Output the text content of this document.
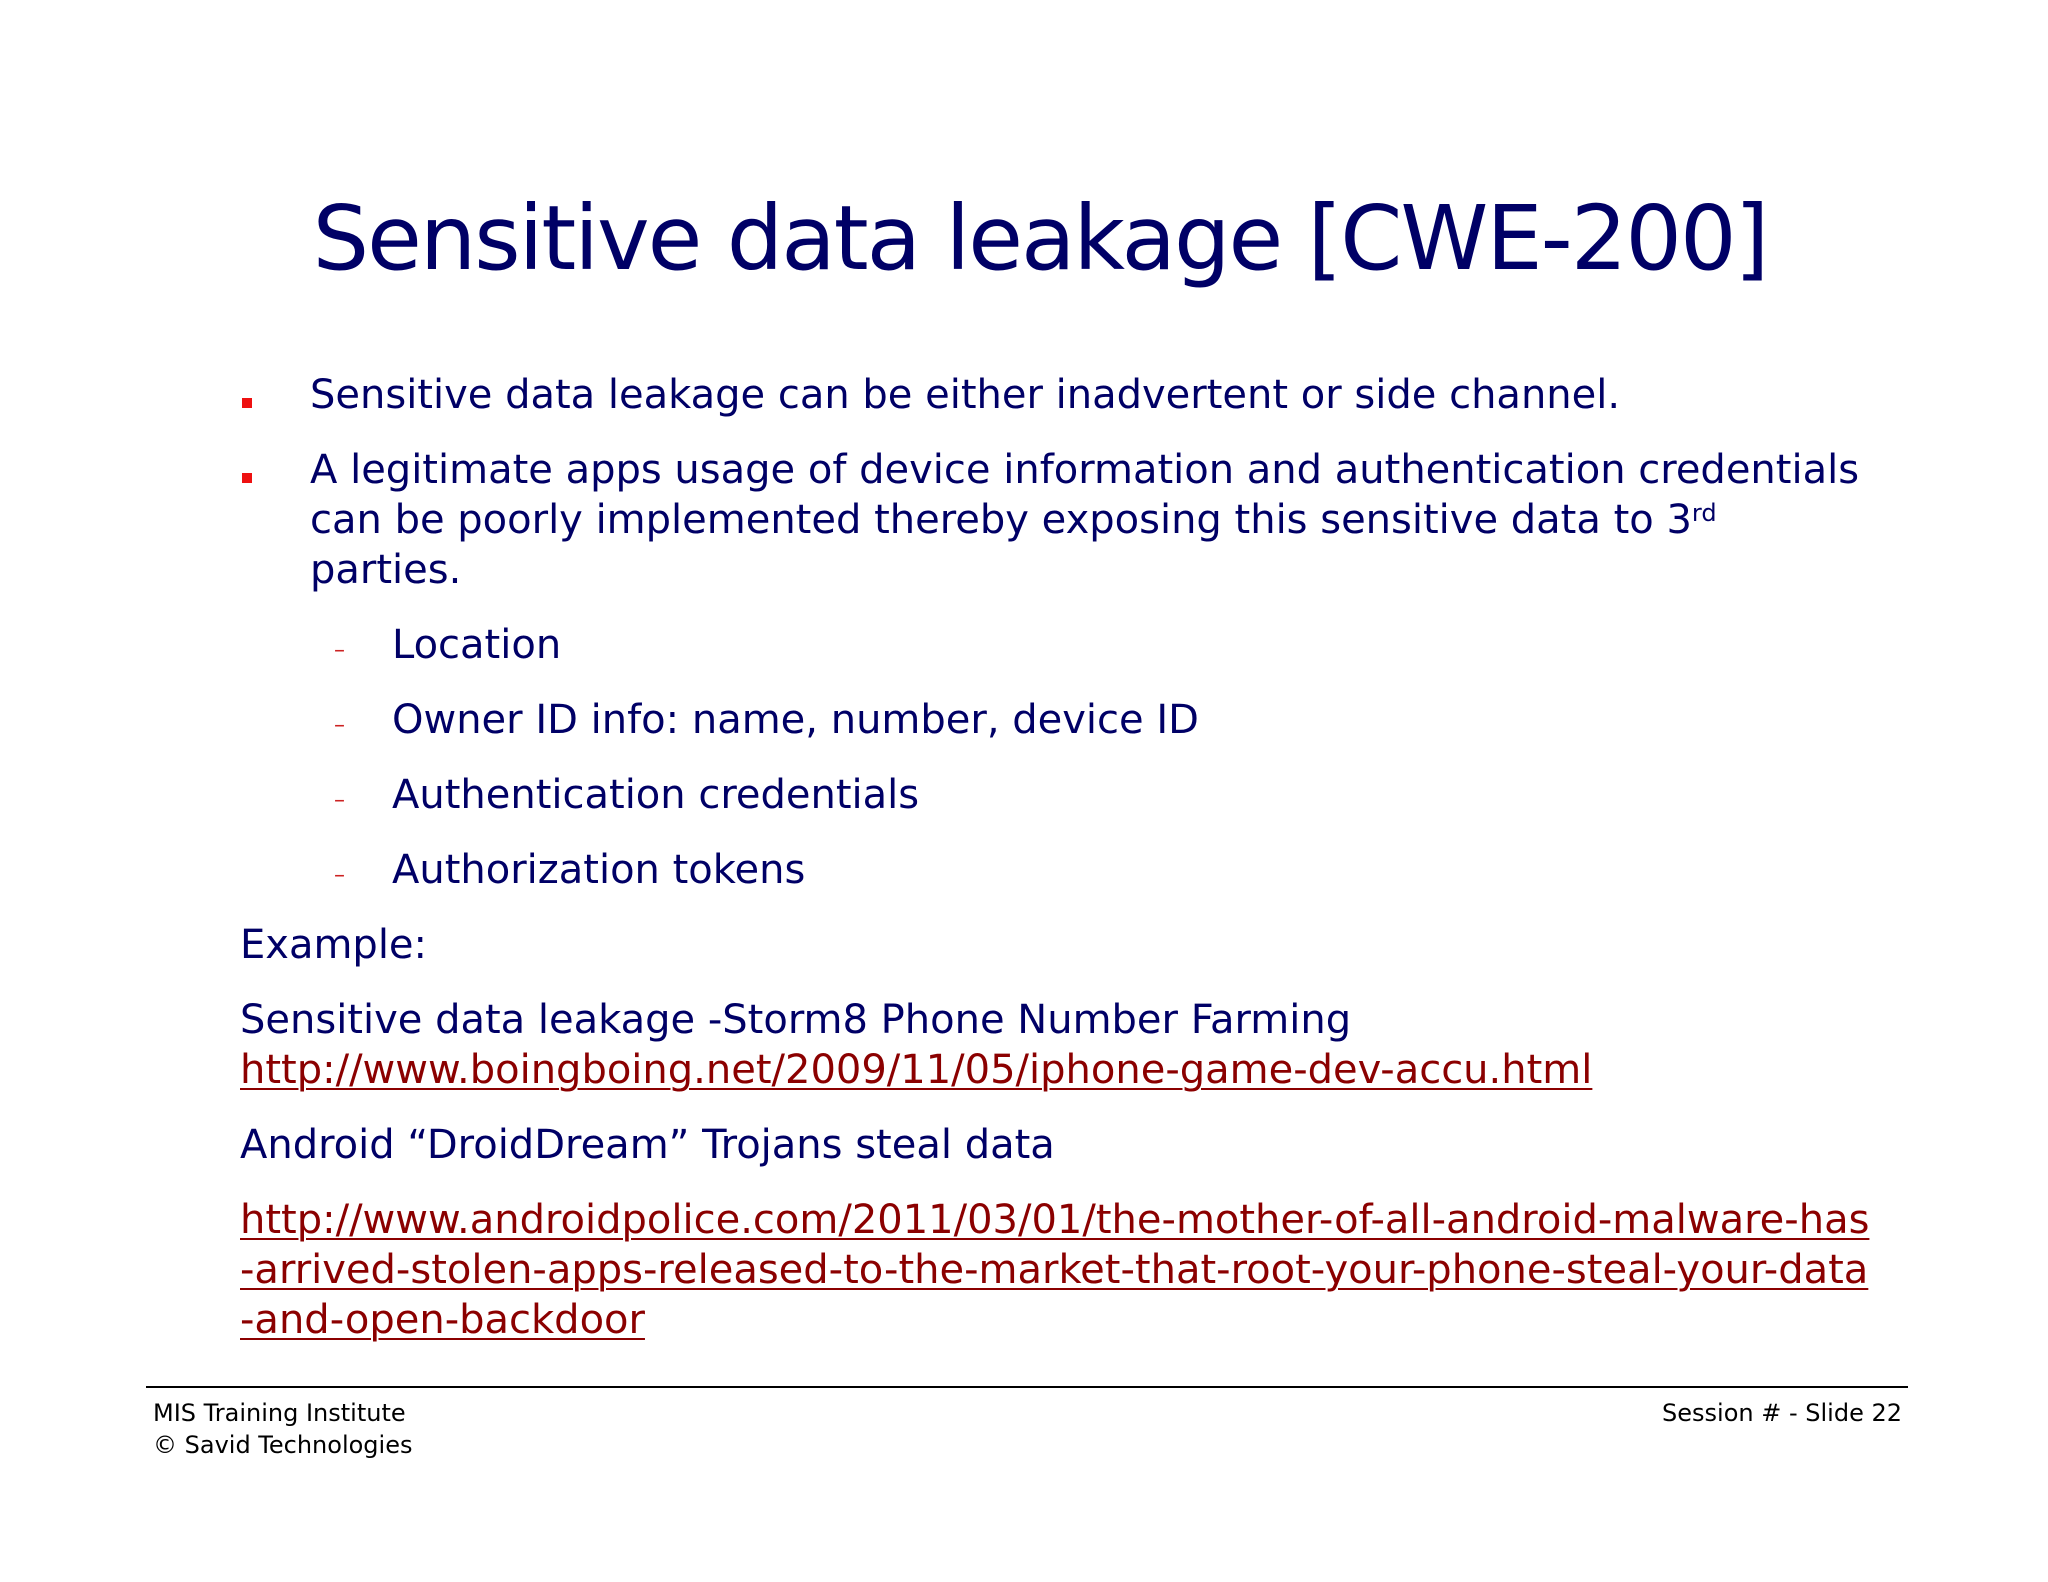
Sensitive data leakage [CWE-200]
Sensitive data leakage can be either inadvertent or side channel.
A legitimate apps usage of device information and authentication credentials can be poorly implemented thereby exposing this sensitive data to 3rd parties.
– Location
– Owner ID info: name, number, device ID
– Authentication credentials
– Authorization tokens
Example:
Sensitive data leakage -Storm8 Phone Number Farming
http://www.boingboing.net/2009/11/05/iphone-game-dev-accu.html
Android “DroidDream” Trojans steal data
http://www.androidpolice.com/2011/03/01/the-mother-of-all-android-malware-has-arrived-stolen-apps-released-to-the-market-that-root-your-phone-steal-your-data-and-open-backdoor
MIS Training Institute
© Savid Technologies
Session # - Slide 22
